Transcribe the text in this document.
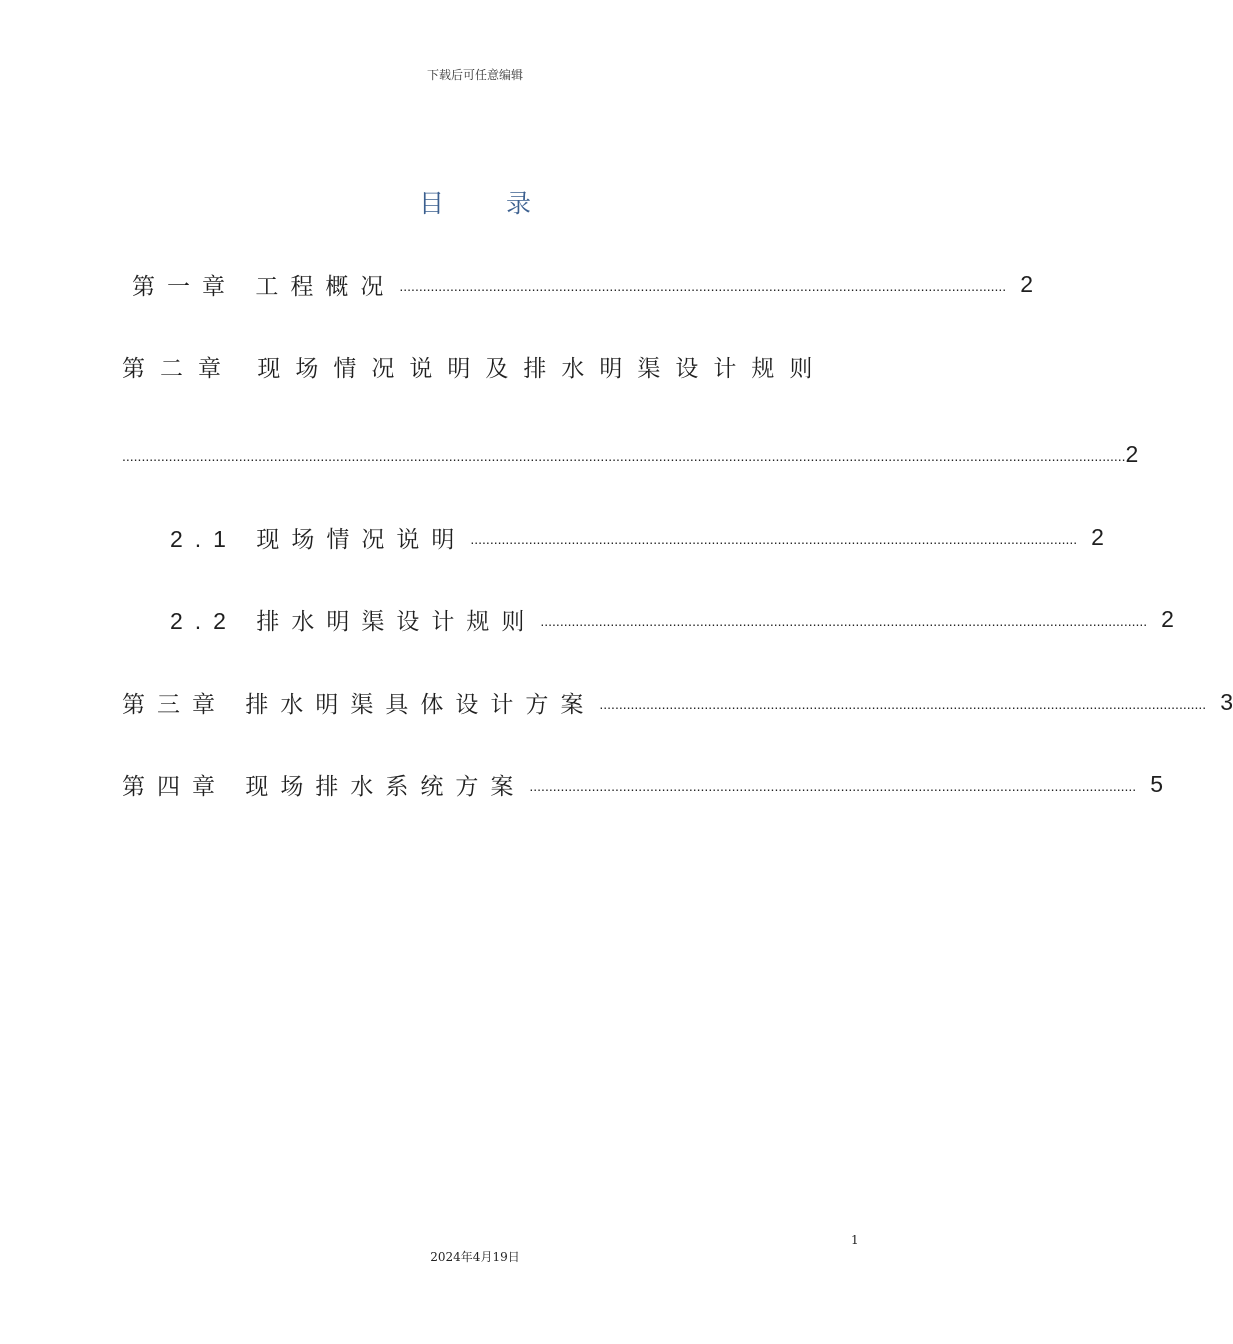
下载后可任意编辑
目录
第一章 工程概况 ............................................................................................................................................................ 2
第二章 现场情况说明及排水明渠设计规则
.................................................................................................................................................................................................................................................................. 2
2.1 现场情况说明 ............................................................................................................................................................ 2
2.2 排水明渠设计规则 ............................................................................................................................................................ 2
第三章 排水明渠具体设计方案 ............................................................................................................................................................ 3
第四章 现场排水系统方案 ............................................................................................................................................................ 5
1
2024年4月19日
